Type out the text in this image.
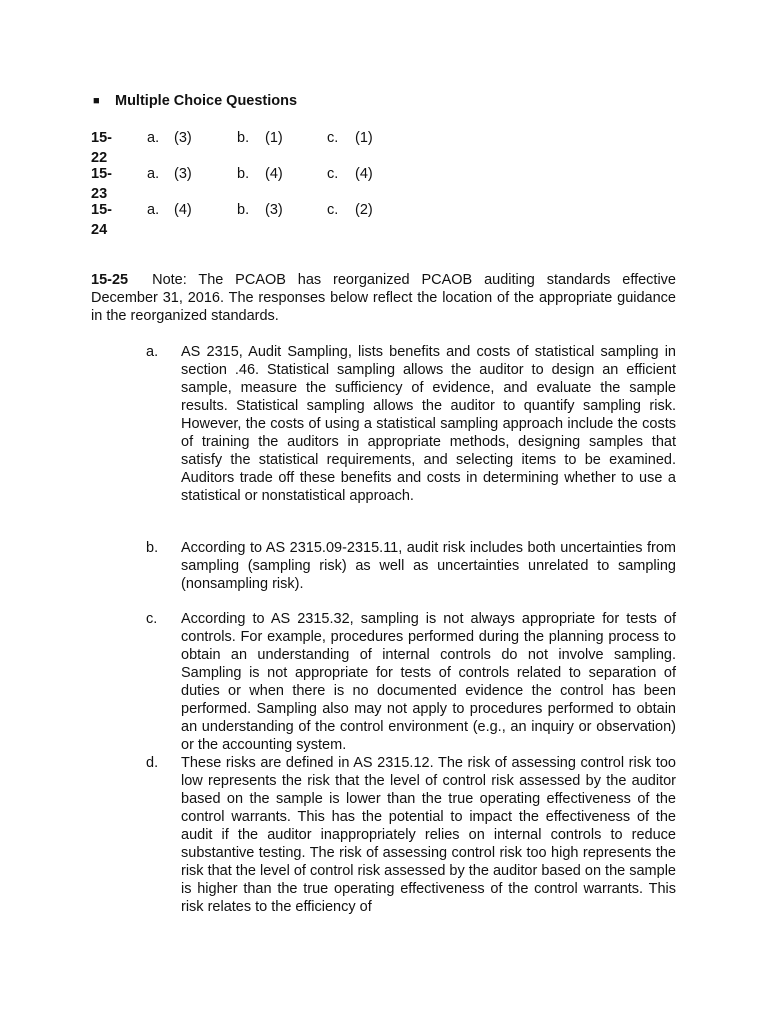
■ Multiple Choice Questions
15-22
a. (3)	b. (1)	c. (1)
15-23
a. (3)	b. (4)	c. (4)
15-24
a. (4)	b. (3)	c. (2)
15-25 Note: The PCAOB has reorganized PCAOB auditing standards effective December 31, 2016. The responses below reflect the location of the appropriate guidance in the reorganized standards.
a. AS 2315, Audit Sampling, lists benefits and costs of statistical sampling in section .46. Statistical sampling allows the auditor to design an efficient sample, measure the sufficiency of evidence, and evaluate the sample results. Statistical sampling allows the auditor to quantify sampling risk. However, the costs of using a statistical sampling approach include the costs of training the auditors in appropriate methods, designing samples that satisfy the statistical requirements, and selecting items to be examined. Auditors trade off these benefits and costs in determining whether to use a statistical or nonstatistical approach.
b. According to AS 2315.09-2315.11, audit risk includes both uncertainties from sampling (sampling risk) as well as uncertainties unrelated to sampling (nonsampling risk).
c. According to AS 2315.32, sampling is not always appropriate for tests of controls. For example, procedures performed during the planning process to obtain an understanding of internal controls do not involve sampling. Sampling is not appropriate for tests of controls related to separation of duties or when there is no documented evidence the control has been performed. Sampling also may not apply to procedures performed to obtain an understanding of the control environment (e.g., an inquiry or observation) or the accounting system.
d. These risks are defined in AS 2315.12. The risk of assessing control risk too low represents the risk that the level of control risk assessed by the auditor based on the sample is lower than the true operating effectiveness of the control warrants. This has the potential to impact the effectiveness of the audit if the auditor inappropriately relies on internal controls to reduce substantive testing. The risk of assessing control risk too high represents the risk that the level of control risk assessed by the auditor based on the sample is higher than the true operating effectiveness of the control warrants. This risk relates to the efficiency of
